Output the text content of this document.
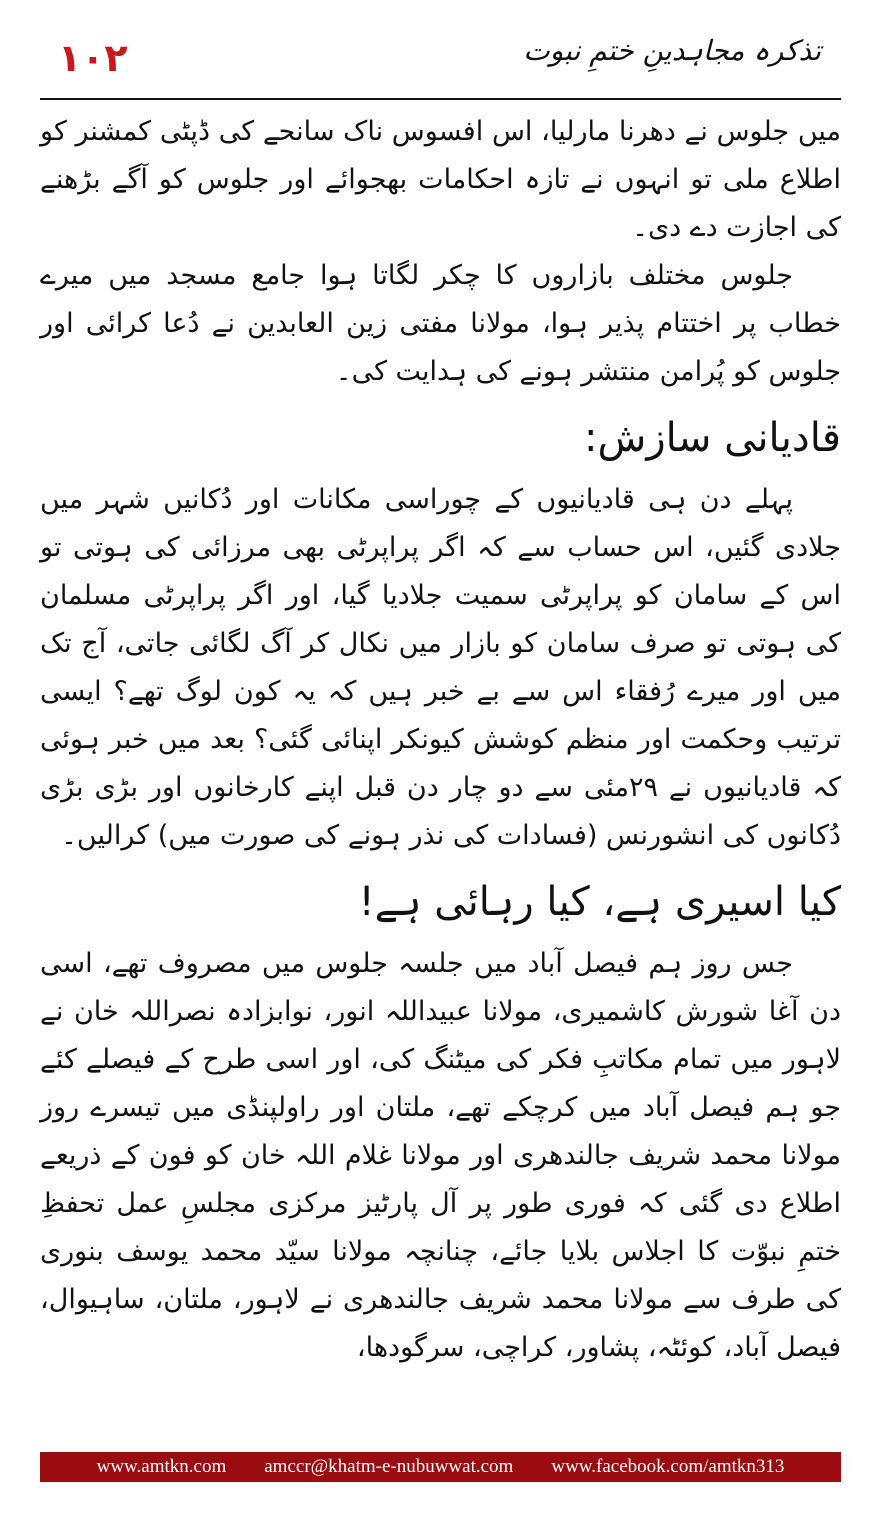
١٠٢	تذکرہ مجاہدینِ ختمِ نبوت

میں جلوس نے دھرنا مارلیا، اس افسوس ناک سانحے کی ڈپٹی کمشنر کو اطلاع ملی تو انہوں نے تازہ احکامات بھجوائے اور جلوس کو آگے بڑھنے کی اجازت دے دی۔

جلوس مختلف بازاروں کا چکر لگاتا ہوا جامع مسجد میں میرے خطاب پر اختتام پذیر ہوا، مولانا مفتی زین العابدین نے دُعا کرائی اور جلوس کو پُرامن منتشر ہونے کی ہدایت کی۔

قادیانی سازش:

پہلے دن ہی قادیانیوں کے چوراسی مکانات اور دُکانیں شہر میں جلادی گئیں، اس حساب سے کہ اگر پراپرٹی بھی مرزائی کی ہوتی تو اس کے سامان کو پراپرٹی سمیت جلادیا گیا، اور اگر پراپرٹی مسلمان کی ہوتی تو صرف سامان کو بازار میں نکال کر آگ لگائی جاتی، آج تک میں اور میرے رُفقاء اس سے بے خبر ہیں کہ یہ کون لوگ تھے؟ ایسی ترتیب وحکمت اور منظم کوشش کیونکر اپنائی گئی؟ بعد میں خبر ہوئی کہ قادیانیوں نے ۲۹مئی سے دو چار دن قبل اپنے کارخانوں اور بڑی بڑی دُکانوں کی انشورنس (فسادات کی نذر ہونے کی صورت میں) کرالیں۔

کیا اسیری ہے، کیا رہائی ہے!

جس روز ہم فیصل آباد میں جلسہ جلوس میں مصروف تھے، اسی دن آغا شورش کاشمیری، مولانا عبیداللہ انور، نوابزادہ نصراللہ خان نے لاہور میں تمام مکاتبِ فکر کی میٹنگ کی، اور اسی طرح کے فیصلے کئے جو ہم فیصل آباد میں کرچکے تھے، ملتان اور راولپنڈی میں تیسرے روز مولانا محمد شریف جالندھری اور مولانا غلام اللہ خان کو فون کے ذریعے اطلاع دی گئی کہ فوری طور پر آل پارٹیز مرکزی مجلسِ عمل تحفظِ ختمِ نبوّت کا اجلاس بلایا جائے، چنانچہ مولانا سیّد محمد یوسف بنوری کی طرف سے مولانا محمد شریف جالندھری نے لاہور، ملتان، ساہیوال، فیصل آباد، کوئٹہ، پشاور، کراچی، سرگودھا،

www.amtkn.com amccr@khatm-e-nubuwwat.com www.facebook.com/amtkn313
